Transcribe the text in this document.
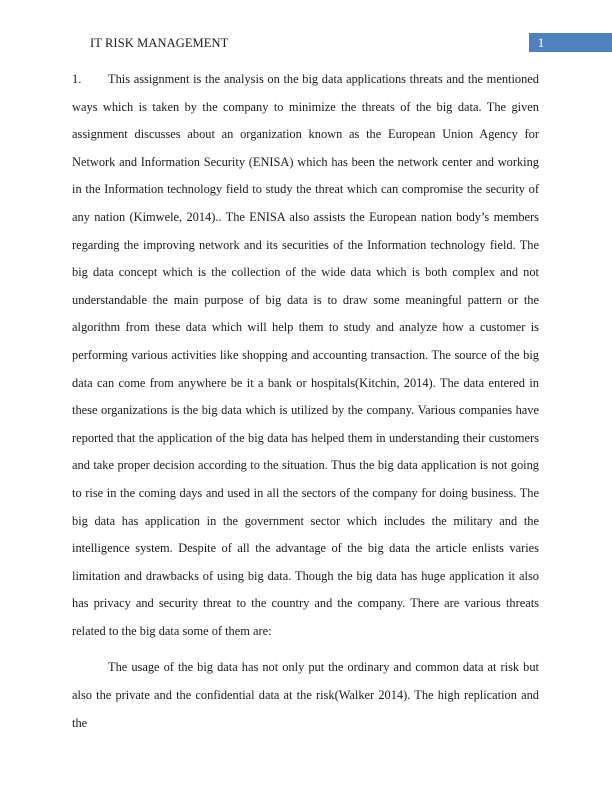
IT RISK MANAGEMENT	1

1. This assignment is the analysis on the big data applications threats and the mentioned ways which is taken by the company to minimize the threats of the big data. The given assignment discusses about an organization known as the European Union Agency for Network and Information Security (ENISA) which has been the network center and working in the Information technology field to study the threat which can compromise the security of any nation (Kimwele, 2014).. The ENISA also assists the European nation body’s members regarding the improving network and its securities of the Information technology field. The big data concept which is the collection of the wide data which is both complex and not understandable the main purpose of big data is to draw some meaningful pattern or the algorithm from these data which will help them to study and analyze how a customer is performing various activities like shopping and accounting transaction. The source of the big data can come from anywhere be it a bank or hospitals(Kitchin, 2014). The data entered in these organizations is the big data which is utilized by the company. Various companies have reported that the application of the big data has helped them in understanding their customers and take proper decision according to the situation. Thus the big data application is not going to rise in the coming days and used in all the sectors of the company for doing business. The big data has application in the government sector which includes the military and the intelligence system. Despite of all the advantage of the big data the article enlists varies limitation and drawbacks of using big data. Though the big data has huge application it also has privacy and security threat to the country and the company. There are various threats related to the big data some of them are:

The usage of the big data has not only put the ordinary and common data at risk but also the private and the confidential data at the risk(Walker 2014). The high replication and the
